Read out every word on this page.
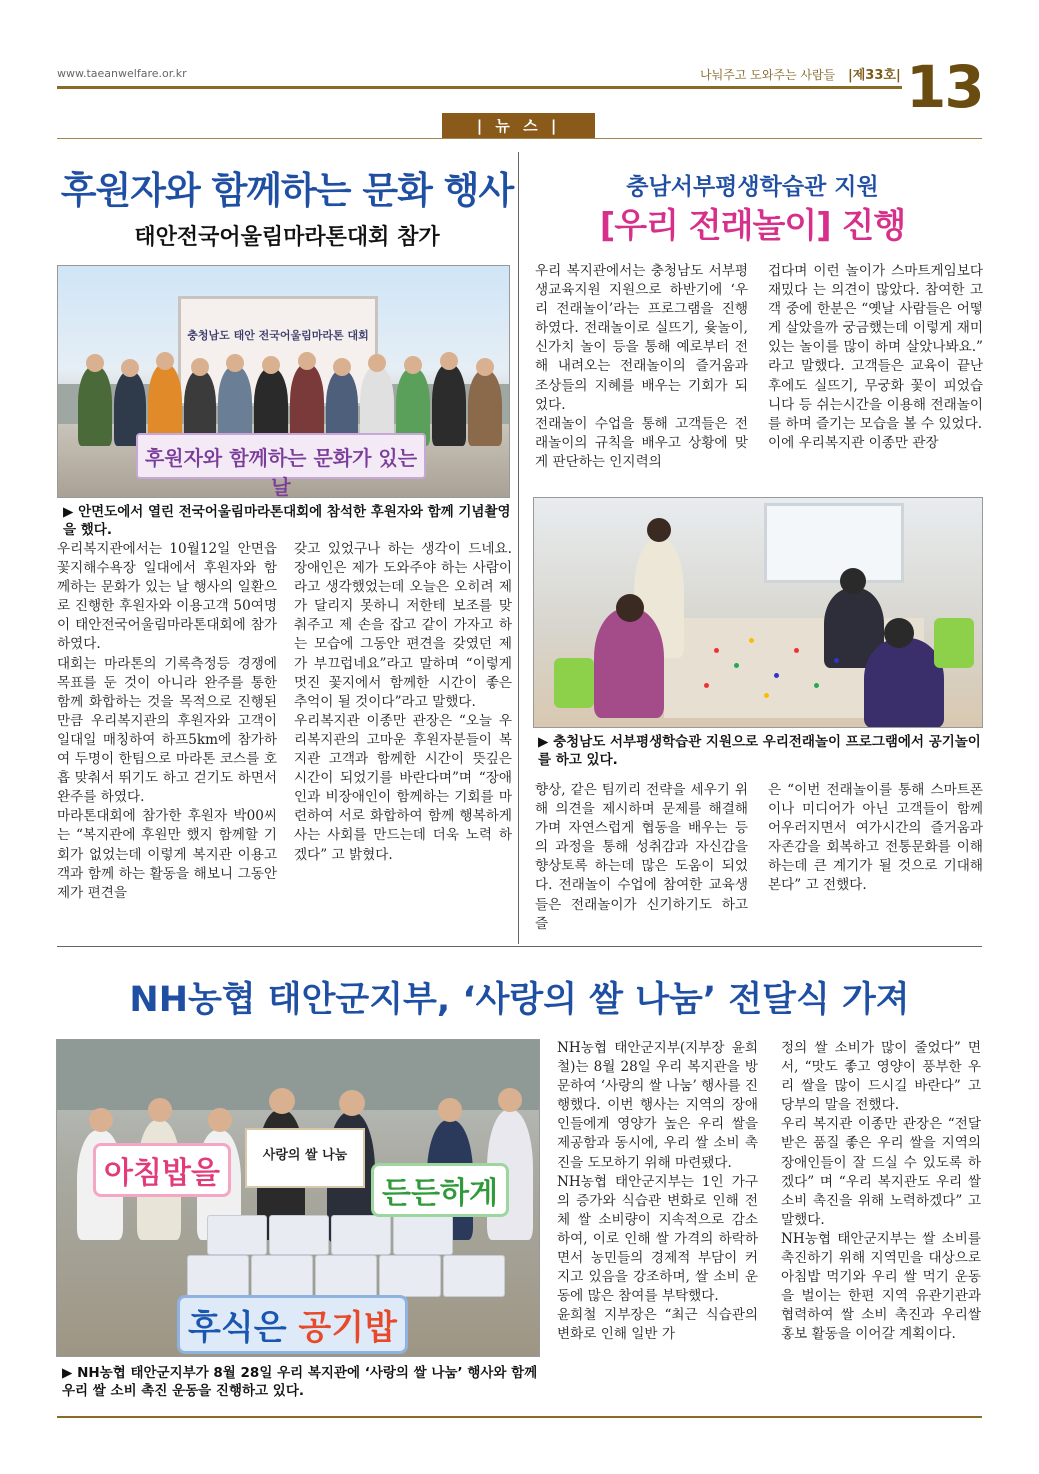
www.taeanwelfare.or.kr	나눠주고 도와주는 사람들 |제33호| 13
| 뉴 스 |
후원자와 함께하는 문화 행사
태안전국어울림마라톤대회 참가
충청남도 태안 전국어울림마라톤 대회
후원자와 함께하는 문화가 있는 날
▶ 안면도에서 열린 전국어울림마라톤대회에 참석한 후원자와 함께 기념촬영을 했다.
우리복지관에서는 10월12일 안면읍 꽃지해수욕장 일대에서 후원자와 함께하는 문화가 있는 날 행사의 일환으로 진행한 후원자와 이용고객 50여명이 태안전국어울림마라톤대회에 참가 하였다.
대회는 마라톤의 기록측정등 경쟁에 목표를 둔 것이 아니라 완주를 통한 함께 화합하는 것을 목적으로 진행된 만큼 우리복지관의 후원자와 고객이 일대일 매칭하여 하프5km에 참가하여 두명이 한팀으로 마라톤 코스를 호흡 맞춰서 뛰기도 하고 걷기도 하면서 완주를 하였다.
마라톤대회에 참가한 후원자 박00씨는 “복지관에 후원만 했지 함께할 기회가 없었는데 이렇게 복지관 이용고객과 함께 하는 활동을 해보니 그동안 제가 편견을
갖고 있었구나 하는 생각이 드네요. 장애인은 제가 도와주야 하는 사람이라고 생각했었는데 오늘은 오히려 제가 달리지 못하니 저한테 보조를 맞춰주고 제 손을 잡고 같이 가자고 하는 모습에 그동안 편견을 갖였던 제가 부끄럽네요”라고 말하며 “이렇게 멋진 꽃지에서 함께한 시간이 좋은 추억이 될 것이다”라고 말했다.
우리복지관 이종만 관장은 “오늘 우리복지관의 고마운 후원자분들이 복지관 고객과 함께한 시간이 뜻깊은 시간이 되었기를 바란다며”며 “장애인과 비장애인이 함께하는 기회를 마련하여 서로 화합하여 함께 행복하게 사는 사회를 만드는데 더욱 노력 하겠다” 고 밝혔다.
충남서부평생학습관 지원
[우리 전래놀이] 진행
우리 복지관에서는 충청남도 서부평생교육지원 지원으로 하반기에 ‘우리 전래놀이’라는 프로그램을 진행하였다. 전래놀이로 실뜨기, 윷놀이, 신가치 놀이 등을 통해 예로부터 전해 내려오는 전래놀이의 즐거움과 조상들의 지혜를 배우는 기회가 되었다.
전래놀이 수업을 통해 고객들은 전래놀이의 규칙을 배우고 상황에 맞게 판단하는 인지력의
겁다며 이런 놀이가 스마트게임보다 재밌다 는 의견이 많았다. 참여한 고객 중에 한분은 “옛날 사람들은 어떻게 살았을까 궁금했는데 이렇게 재미있는 놀이를 많이 하며 살았나봐요.” 라고 말했다. 고객들은 교육이 끝난 후에도 실뜨기, 무궁화 꽃이 피었습니다 등 쉬는시간을 이용해 전래놀이를 하며 즐기는 모습을 볼 수 있었다.
이에 우리복지관 이종만 관장
▶ 충청남도 서부평생학습관 지원으로 우리전래놀이 프로그램에서 공기놀이를 하고 있다.
향상, 같은 팀끼리 전략을 세우기 위해 의견을 제시하며 문제를 해결해가며 자연스럽게 협동을 배우는 등의 과정을 통해 성취감과 자신감을 향상토록 하는데 많은 도움이 되었다. 전래놀이 수업에 참여한 교육생들은 전래놀이가 신기하기도 하고 즐
은 “이번 전래놀이를 통해 스마트폰이나 미디어가 아닌 고객들이 함께 어우러지면서 여가시간의 즐거움과 자존감을 회복하고 전통문화를 이해하는데 큰 계기가 될 것으로 기대해 본다” 고 전했다.
NH농협 태안군지부, ‘사랑의 쌀 나눔’ 전달식 가져
사랑의 쌀 나눔
아침밥을
든든하게
후식은 공기밥
▶ NH농협 태안군지부가 8월 28일 우리 복지관에 ‘사랑의 쌀 나눔’ 행사와 함께 우리 쌀 소비 촉진 운동을 진행하고 있다.
NH농협 태안군지부(지부장 윤희철)는 8월 28일 우리 복지관을 방문하여 ‘사랑의 쌀 나눔’ 행사를 진행했다. 이번 행사는 지역의 장애인들에게 영양가 높은 우리 쌀을 제공함과 동시에, 우리 쌀 소비 촉진을 도모하기 위해 마련됐다.
NH농협 태안군지부는 1인 가구의 증가와 식습관 변화로 인해 전체 쌀 소비량이 지속적으로 감소하여, 이로 인해 쌀 가격의 하락하면서 농민들의 경제적 부담이 커지고 있음을 강조하며, 쌀 소비 운동에 많은 참여를 부탁했다.
윤희철 지부장은 “최근 식습관의 변화로 인해 일반 가
정의 쌀 소비가 많이 줄었다” 면서, “맛도 좋고 영양이 풍부한 우리 쌀을 많이 드시길 바란다” 고 당부의 말을 전했다.
우리 복지관 이종만 관장은 “전달받은 품질 좋은 우리 쌀을 지역의 장애인들이 잘 드실 수 있도록 하겠다” 며 “우리 복지관도 우리 쌀 소비 촉진을 위해 노력하겠다” 고 말했다.
NH농협 태안군지부는 쌀 소비를 촉진하기 위해 지역민을 대상으로 아침밥 먹기와 우리 쌀 먹기 운동을 벌이는 한편 지역 유관기관과 협력하여 쌀 소비 촉진과 우리쌀 홍보 활동을 이어갈 계획이다.
